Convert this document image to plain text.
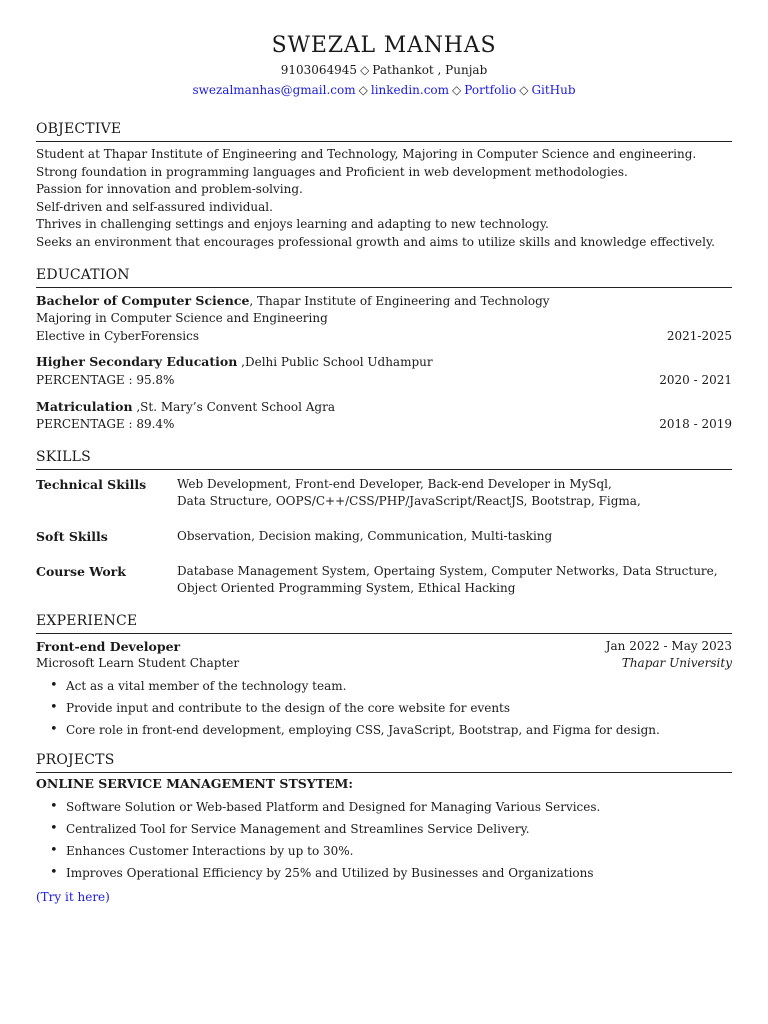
SWEZAL MANHAS
9103064945 ◇ Pathankot , Punjab
swezalmanhas@gmail.com ◇ linkedin.com ◇ Portfolio ◇ GitHub
OBJECTIVE
Student at Thapar Institute of Engineering and Technology, Majoring in Computer Science and engineering.
Strong foundation in programming languages and Proficient in web development methodologies.
Passion for innovation and problem-solving.
Self-driven and self-assured individual.
Thrives in challenging settings and enjoys learning and adapting to new technology.
Seeks an environment that encourages professional growth and aims to utilize skills and knowledge effectively.
EDUCATION
Bachelor of Computer Science, Thapar Institute of Engineering and Technology
Majoring in Computer Science and Engineering
Elective in CyberForensics	2021-2025
Higher Secondary Education ,Delhi Public School Udhampur
PERCENTAGE : 95.8%	2020 - 2021
Matriculation ,St. Mary’s Convent School Agra
PERCENTAGE : 89.4%	2018 - 2019
SKILLS
Technical Skills	Web Development, Front-end Developer, Back-end Developer in MySql,
Data Structure, OOPS/C++/CSS/PHP/JavaScript/ReactJS, Bootstrap, Figma,
Soft Skills	Observation, Decision making, Communication, Multi-tasking
Course Work	Database Management System, Opertaing System, Computer Networks, Data Structure,
Object Oriented Programming System, Ethical Hacking
EXPERIENCE
Front-end Developer	Jan 2022 - May 2023
Microsoft Learn Student Chapter	Thapar University
• Act as a vital member of the technology team.
• Provide input and contribute to the design of the core website for events
• Core role in front-end development, employing CSS, JavaScript, Bootstrap, and Figma for design.
PROJECTS
ONLINE SERVICE MANAGEMENT STSYTEM:
• Software Solution or Web-based Platform and Designed for Managing Various Services.
• Centralized Tool for Service Management and Streamlines Service Delivery.
• Enhances Customer Interactions by up to 30%.
• Improves Operational Efficiency by 25% and Utilized by Businesses and Organizations
(Try it here)
